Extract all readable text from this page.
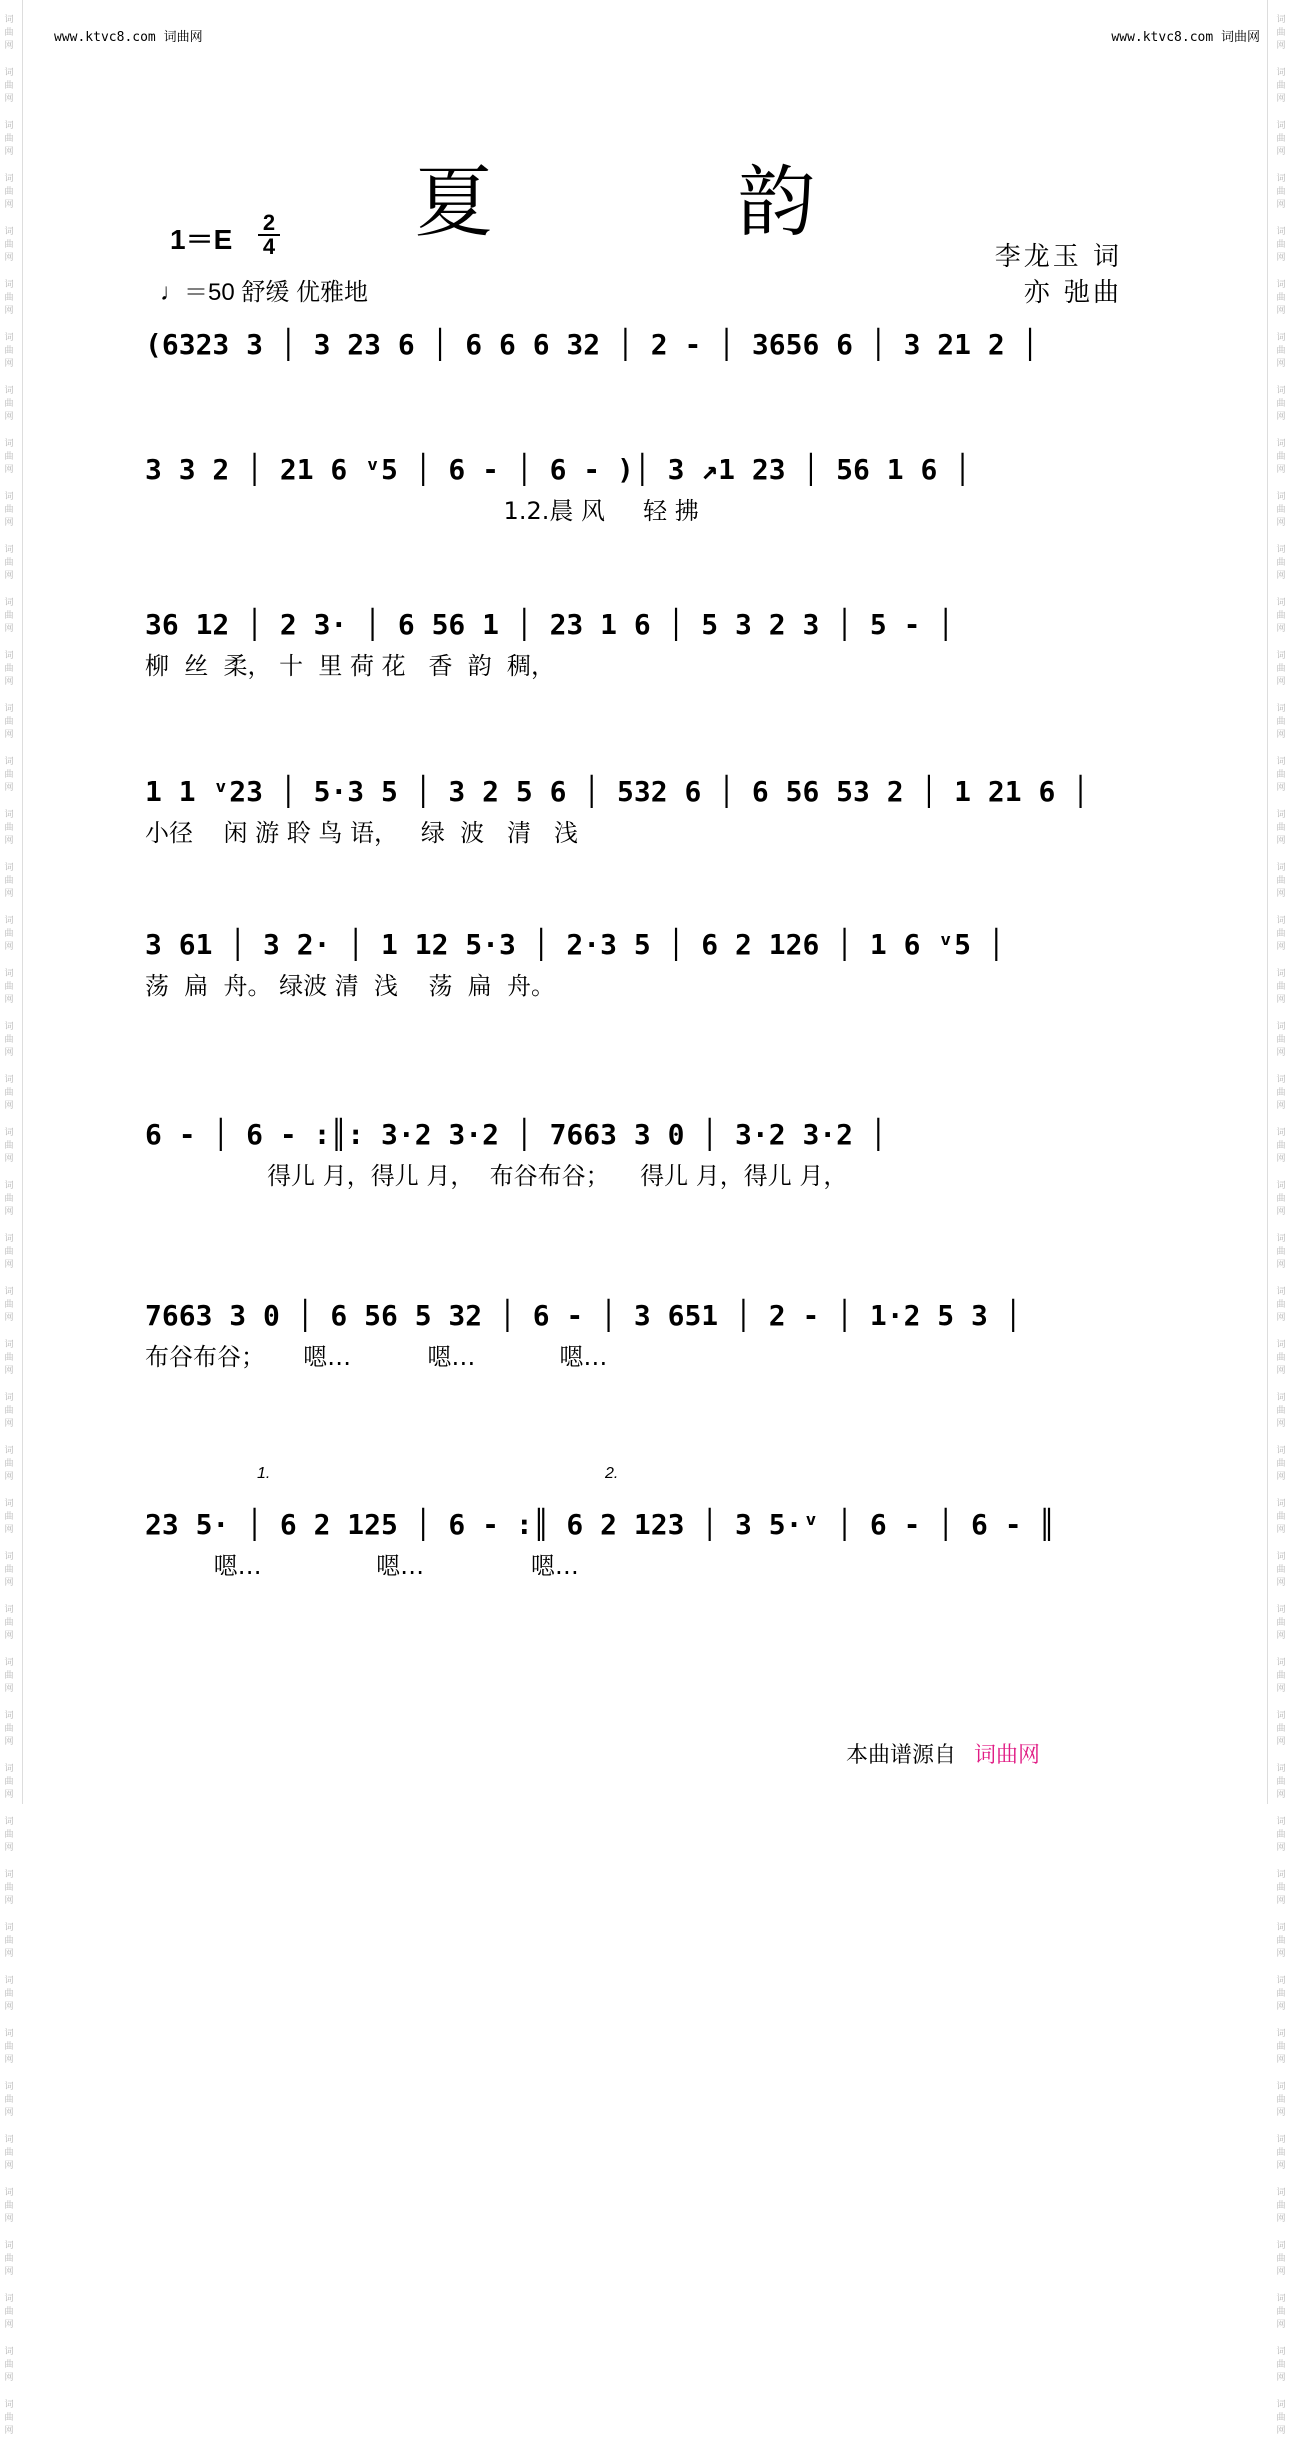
词
曲
网
词
曲
网
词
曲
网
词
曲
网
词
曲
网
词
曲
网
词
曲
网
词
曲
网
词
曲
网
词
曲
网
词
曲
网
词
曲
网
词
曲
网
词
曲
网
词
曲
网
词
曲
网
词
曲
网
词
曲
网
词
曲
网
词
曲
网
词
曲
网
词
曲
网
词
曲
网
词
曲
网
词
曲
网
词
曲
网
词
曲
网
词
曲
网
词
曲
网
词
曲
网
词
曲
网
词
曲
网
词
曲
网
词
曲
网
词
曲
网
词
曲
网
词
曲
网
词
曲
网
词
曲
网
词
曲
网
词
曲
网
词
曲
网
词
曲
网
词
曲
网
词
曲
网
词
曲
网
词
曲
网
词
曲
网
词
曲
网
词
曲
网
词
曲
网
词
曲
网
词
曲
网
词
曲
网
词
曲
网
词
曲
网
词
曲
网
词
曲
网
词
曲
网
词
曲
网
词
曲
网
词
曲
网
词
曲
网
词
曲
网
词
曲
网
词
曲
网
词
曲
网
词
曲
网
词
曲
网
词
曲
网
词
曲
网
词
曲
网
词
曲
网
词
曲
网
词
曲
网
词
曲
网
词
曲
网
词
曲
网
词
曲
网
词
曲
网
词
曲
网
词
曲
网
词
曲
网
词
曲
网
词
曲
网
词
曲
网
词
曲
网
词
曲
网
词
曲
网
词
曲
网
词
曲
网
词
曲
网
www.ktvc8.com 词曲网	www.ktvc8.com 词曲网
夏 韵
$1=E \frac{2}{4}$
♩＝50 舒缓 优雅地
李龙玉 词
亦 弛曲
(6323 3 │ 3 23 6 │ 6 6 6 32 │ 2 - │ 3656 6 │ 3 21 2 │
3 3 2 │ 21 6 ᵛ5 │ 6 - │ 6 - )│ 3 ↗1 23 │ 56 1 6 │
1.2.晨 风     轻 拂
36 12 │ 2 3· │ 6 56 1 │ 23 1 6 │ 5 3 2 3 │ 5 - │
柳  丝  柔， 十  里 荷 花   香  韵  稠，
1 1 ᵛ23 │ 5·3 5 │ 3 2 5 6 │ 532 6 │ 6 56 53 2 │ 1 21 6 │
小径    闲 游 聆 鸟 语，   绿  波   清   浅
3 61 │ 3 2· │ 1 12 5·3 │ 2·3 5 │ 6 2 126 │ 1 6 ᵛ5 │
荡  扁  舟。 绿波 清  浅    荡  扁  舟。
6 - │ 6 - :║: 3·2 3·2 │ 7663 3 0 │ 3·2 3·2 │
得儿 月，得儿 月，  布谷布谷；    得儿 月，得儿 月，
7663 3 0 │ 6 56 5 32 │ 6 - │ 3 651 │ 2 - │ 1·2 5 3 │
布谷布谷；     嗯…          嗯…           嗯…
1.	2.
23 5· │ 6 2 125 │ 6 - :║ 6 2 123 │ 3 5·ᵛ │ 6 - │ 6 - ║
嗯…               嗯…              嗯…
本曲谱源自 词曲网
